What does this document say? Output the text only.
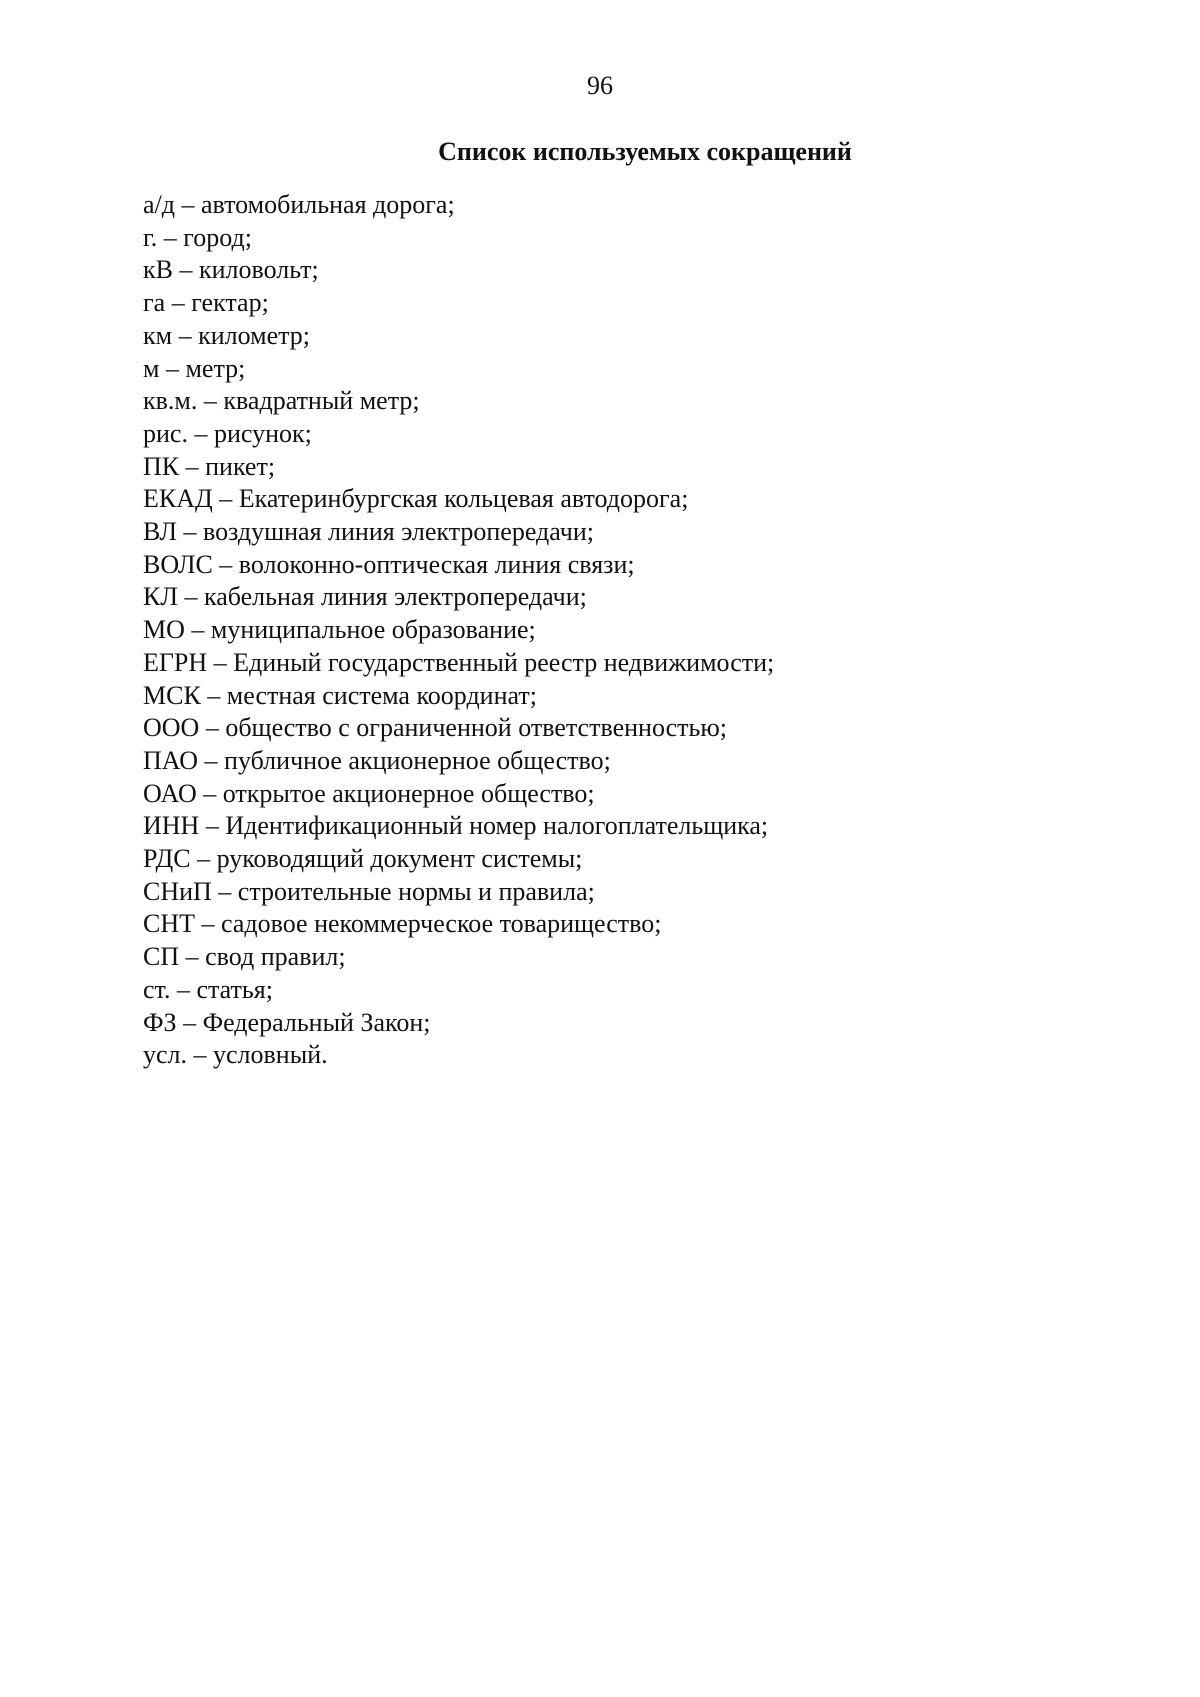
96
Список используемых сокращений
а/д – автомобильная дорога;
г. – город;
кВ – киловольт;
га – гектар;
км – километр;
м – метр;
кв.м. – квадратный метр;
рис. – рисунок;
ПК – пикет;
ЕКАД – Екатеринбургская кольцевая автодорога;
ВЛ – воздушная линия электропередачи;
ВОЛС – волоконно-оптическая линия связи;
КЛ – кабельная линия электропередачи;
МО – муниципальное образование;
ЕГРН – Единый государственный реестр недвижимости;
МСК – местная система координат;
ООО – общество с ограниченной ответственностью;
ПАО – публичное акционерное общество;
ОАО – открытое акционерное общество;
ИНН – Идентификационный номер налогоплательщика;
РДС – руководящий документ системы;
СНиП – строительные нормы и правила;
СНТ – садовое некоммерческое товарищество;
СП – свод правил;
ст. – статья;
ФЗ – Федеральный Закон;
усл. – условный.
